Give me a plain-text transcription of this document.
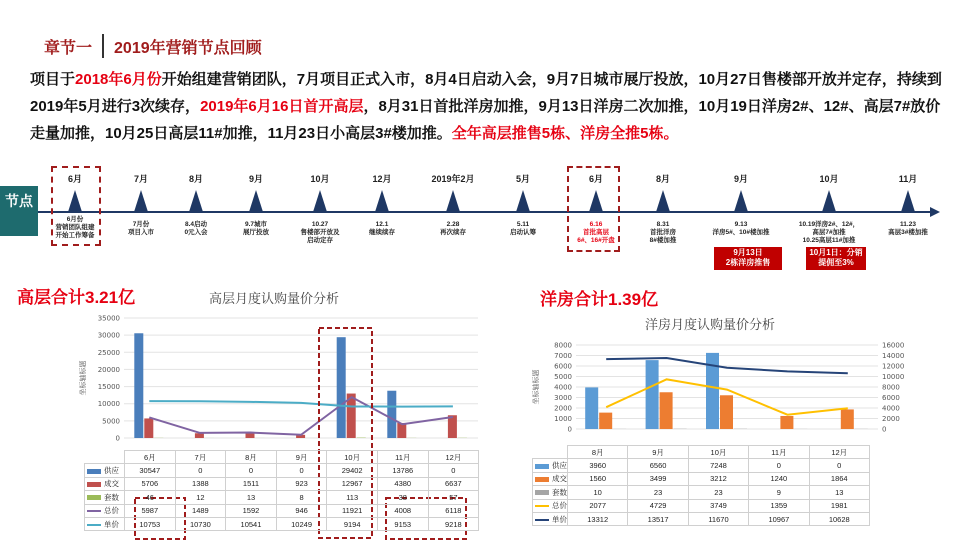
章节一 2019年营销节点回顾
项目于2018年6月份开始组建营销团队，7月项目正式入市，8月4日启动入会，9月7日城市展厅投放，10月27日售楼部开放并定存，持续到2019年5月进行3次续存，2019年6月16日首开高层，8月31日首批洋房加推，9月13日洋房二次加推，10月19日洋房2#、12#、高层7#放价走量加推，10月25日高层11#加推，11月23日小高层3#楼加推。全年高层推售5栋、洋房全推5栋。
节点
6月
6月份
营销团队组建
开始工作筹备
7月
7月份
项目入市
8月
8.4启动
0元入会
9月
9.7城市
展厅投放
10月
10.27
售楼部开放及
启动定存
12月
12.1
继续续存
2019年2月
2.28
再次续存
5月
5.11
启动认筹
6月
6.16
首批高层
6#、16#开盘
8月
8.31
首批洋房
8#楼加推
9月
9.13
洋房5#、10#楼加推
10月
10.19洋房2#、12#，
高层7#加推
10.25高层11#加推
11月
11.23
高层3#楼加推
9月13日
2栋洋房推售
10月1日：分销
提佣至3%
高层合计3.21亿	洋房合计1.39亿
高层月度认购量价分析
0
5000
10000
15000
20000
25000
30000
35000
坐标轴标题
	6月	7月	8月	9月	10月	11月	12月
供应	30547	0	0	0	29402	13786	0
成交	5706	1388	1511	923	12967	4380	6637
套数	46	12	13	8	113	38	57
总价	5987	1489	1592	946	11921	4008	6118
单价	10753	10730	10541	10249	9194	9153	9218
洋房月度认购量价分析
0
1000
2000
3000
4000
5000
6000
7000
8000
0
2000
4000
6000
8000
10000
12000
14000
16000
坐标轴标题
	8月	9月	10月	11月	12月
供应	3960	6560	7248	0	0
成交	1560	3499	3212	1240	1864
套数	10	23	23	9	13
总价	2077	4729	3749	1359	1981
单价	13312	13517	11670	10967	10628
